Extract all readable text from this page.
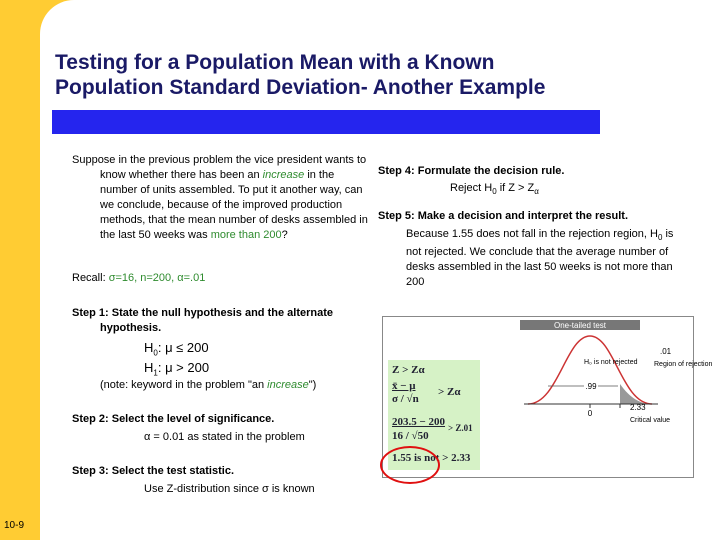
Testing for a Population Mean with a Known
Population Standard Deviation- Another Example
10-9
Suppose in the previous problem the vice president wants to know whether there has been an increase in the number of units assembled. To put it another way, can we conclude, because of the improved production methods, that the mean number of desks assembled in the last 50 weeks was more than 200?
Recall: σ=16, n=200, α=.01
Step 1: State the null hypothesis and the alternate hypothesis.
$H_0$: μ ≤ 200
$H_1$: μ > 200
(note: keyword in the problem "an increase")
Step 2: Select the level of significance.
α = 0.01 as stated in the problem
Step 3: Select the test statistic.
Use Z-distribution since σ is known
Step 4: Formulate the decision rule.
Reject $H_0$ if $Z > Z_\alpha$
Step 5: Make a decision and interpret the result.
Because 1.55 does not fall in the rejection region, $H_0$ is not rejected. We conclude that the average number of desks assembled in the last 50 weeks is not more than 200
One-tailed test
.99
H₀ is not rejected
.01
Region of rejection
0
2.33
Critical value
Z > Zα
x̄ − μ
σ / √n
> Zα
203.5 − 200
16 / √50
> Z.01
1.55 is not > 2.33
